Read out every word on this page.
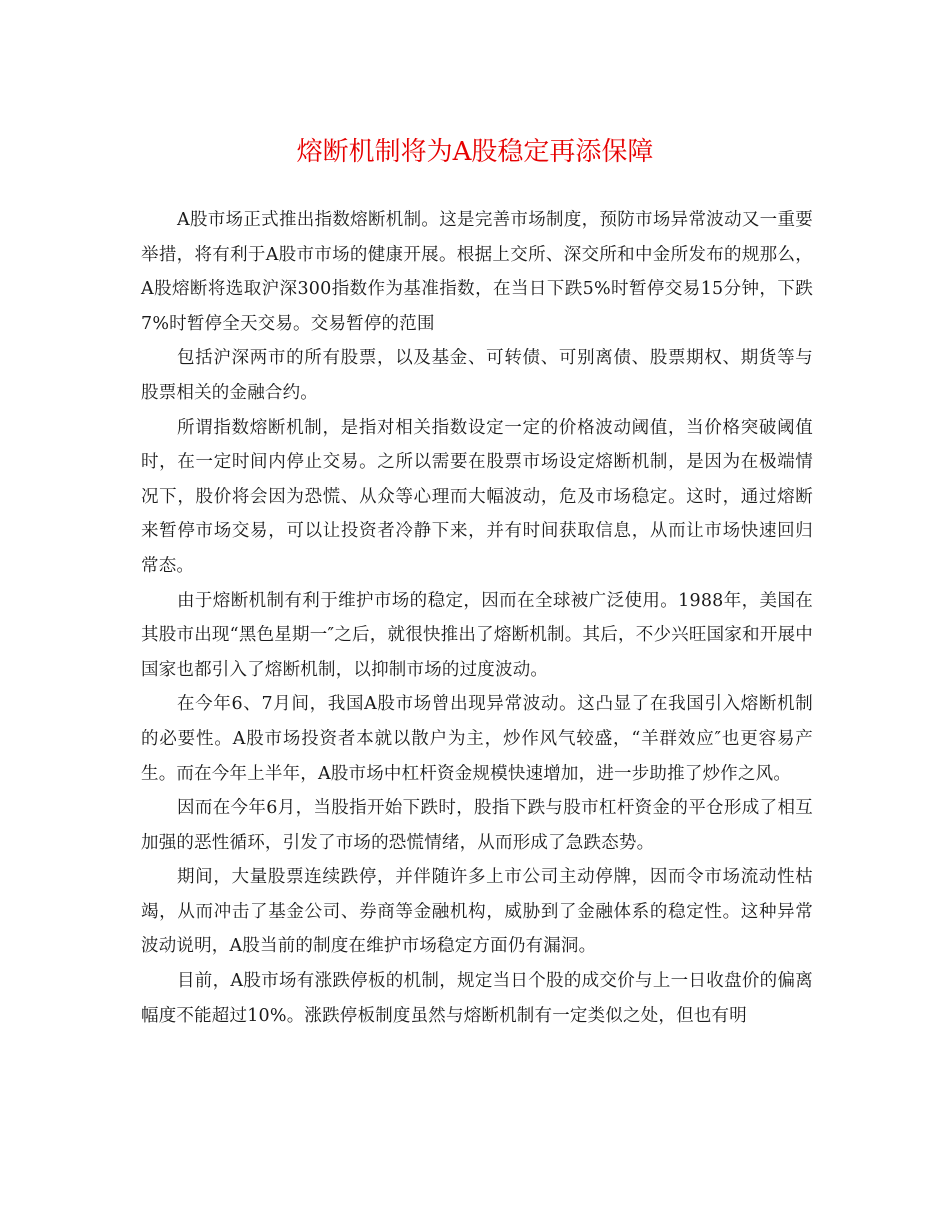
熔断机制将为A股稳定再添保障

A股市场正式推出指数熔断机制。这是完善市场制度，预防市场异常波动又一重要举措，将有利于A股市市场的健康开展。根据上交所、深交所和中金所发布的规那么，A股熔断将选取沪深300指数作为基准指数，在当日下跌5%时暂停交易15分钟，下跌7%时暂停全天交易。交易暂停的范围

包括沪深两市的所有股票，以及基金、可转债、可别离债、股票期权、期货等与股票相关的金融合约。

所谓指数熔断机制，是指对相关指数设定一定的价格波动阈值，当价格突破阈值时，在一定时间内停止交易。之所以需要在股票市场设定熔断机制，是因为在极端情况下，股价将会因为恐慌、从众等心理而大幅波动，危及市场稳定。这时，通过熔断来暂停市场交易，可以让投资者冷静下来，并有时间获取信息，从而让市场快速回归常态。

由于熔断机制有利于维护市场的稳定，因而在全球被广泛使用。1988年，美国在其股市出现“黑色星期一″之后，就很快推出了熔断机制。其后，不少兴旺国家和开展中国家也都引入了熔断机制，以抑制市场的过度波动。

在今年6、7月间，我国A股市场曾出现异常波动。这凸显了在我国引入熔断机制的必要性。A股市场投资者本就以散户为主，炒作风气较盛，“羊群效应″也更容易产生。而在今年上半年，A股市场中杠杆资金规模快速增加，进一步助推了炒作之风。

因而在今年6月，当股指开始下跌时，股指下跌与股市杠杆资金的平仓形成了相互加强的恶性循环，引发了市场的恐慌情绪，从而形成了急跌态势。

期间，大量股票连续跌停，并伴随许多上市公司主动停牌，因而令市场流动性枯竭，从而冲击了基金公司、券商等金融机构，威胁到了金融体系的稳定性。这种异常波动说明，A股当前的制度在维护市场稳定方面仍有漏洞。

目前，A股市场有涨跌停板的机制，规定当日个股的成交价与上一日收盘价的偏离幅度不能超过10%。涨跌停板制度虽然与熔断机制有一定类似之处，但也有明
